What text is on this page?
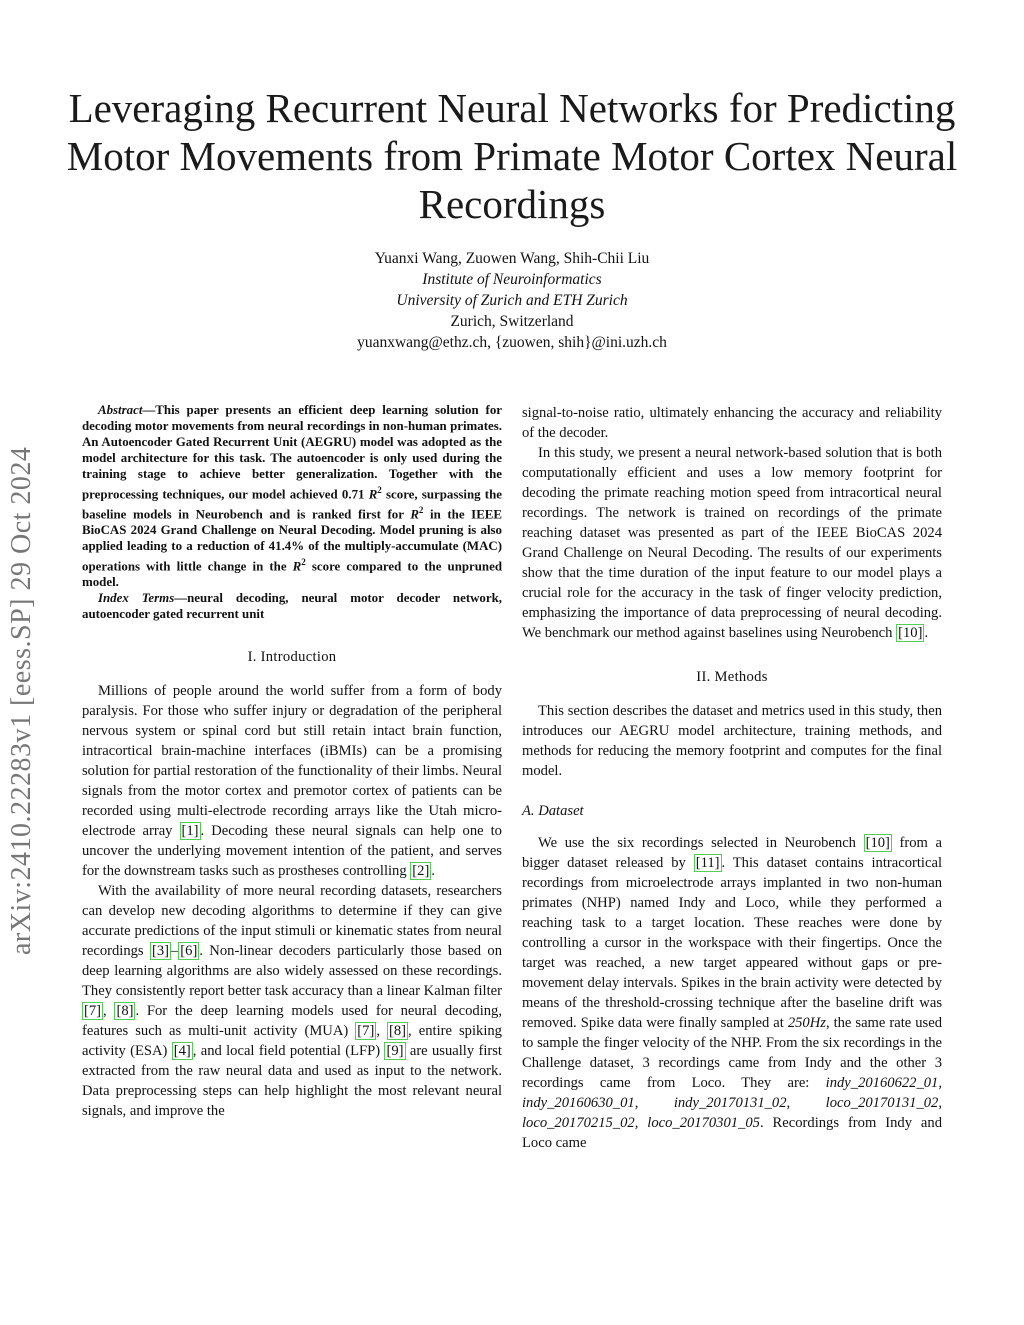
arXiv:2410.22283v1 [eess.SP] 29 Oct 2024
Leveraging Recurrent Neural Networks for Predicting Motor Movements from Primate Motor Cortex Neural Recordings
Yuanxi Wang, Zuowen Wang, Shih-Chii Liu
Institute of Neuroinformatics
University of Zurich and ETH Zurich
Zurich, Switzerland
yuanxwang@ethz.ch, {zuowen, shih}@ini.uzh.ch

Abstract—This paper presents an efficient deep learning solution for decoding motor movements from neural recordings in non-human primates. An Autoencoder Gated Recurrent Unit (AEGRU) model was adopted as the model architecture for this task. The autoencoder is only used during the training stage to achieve better generalization. Together with the preprocessing techniques, our model achieved 0.71 $R^2$ score, surpassing the baseline models in Neurobench and is ranked first for $R^2$ in the IEEE BioCAS 2024 Grand Challenge on Neural Decoding. Model pruning is also applied leading to a reduction of 41.4% of the multiply-accumulate (MAC) operations with little change in the $R^2$ score compared to the unpruned model.

Index Terms—neural decoding, neural motor decoder network, autoencoder gated recurrent unit

I. Introduction

Millions of people around the world suffer from a form of body paralysis. For those who suffer injury or degradation of the peripheral nervous system or spinal cord but still retain intact brain function, intracortical brain-machine interfaces (iBMIs) can be a promising solution for partial restoration of the functionality of their limbs. Neural signals from the motor cortex and premotor cortex of patients can be recorded using multi-electrode recording arrays like the Utah micro-electrode array [1] . Decoding these neural signals can help one to uncover the underlying movement intention of the patient, and serves for the downstream tasks such as prostheses controlling [2] .

With the availability of more neural recording datasets, researchers can develop new decoding algorithms to determine if they can give accurate predictions of the input stimuli or kinematic states from neural recordings [3] – [6] . Non-linear decoders particularly those based on deep learning algorithms are also widely assessed on these recordings. They consistently report better task accuracy than a linear Kalman filter [7] , [8] . For the deep learning models used for neural decoding, features such as multi-unit activity (MUA) [7] , [8] , entire spiking activity (ESA) [4] , and local field potential (LFP) [9] are usually first extracted from the raw neural data and used as input to the network. Data preprocessing steps can help highlight the most relevant neural signals, and improve the

signal-to-noise ratio, ultimately enhancing the accuracy and reliability of the decoder.

In this study, we present a neural network-based solution that is both computationally efficient and uses a low memory footprint for decoding the primate reaching motion speed from intracortical neural recordings. The network is trained on recordings of the primate reaching dataset was presented as part of the IEEE BioCAS 2024 Grand Challenge on Neural Decoding. The results of our experiments show that the time duration of the input feature to our model plays a crucial role for the accuracy in the task of finger velocity prediction, emphasizing the importance of data preprocessing of neural decoding. We benchmark our method against baselines using Neurobench [10] .

II. Methods

This section describes the dataset and metrics used in this study, then introduces our AEGRU model architecture, training methods, and methods for reducing the memory footprint and computes for the final model.

A. Dataset

We use the six recordings selected in Neurobench [10] from a bigger dataset released by [11] . This dataset contains intracortical recordings from microelectrode arrays implanted in two non-human primates (NHP) named Indy and Loco, while they performed a reaching task to a target location. These reaches were done by controlling a cursor in the workspace with their fingertips. Once the target was reached, a new target appeared without gaps or pre-movement delay intervals. Spikes in the brain activity were detected by means of the threshold-crossing technique after the baseline drift was removed. Spike data were finally sampled at 250Hz, the same rate used to sample the finger velocity of the NHP. From the six recordings in the Challenge dataset, 3 recordings came from Indy and the other 3 recordings came from Loco. They are: indy_20160622_01, indy_20160630_01, indy_20170131_02, loco_20170131_02, loco_20170215_02, loco_20170301_05. Recordings from Indy and Loco came
